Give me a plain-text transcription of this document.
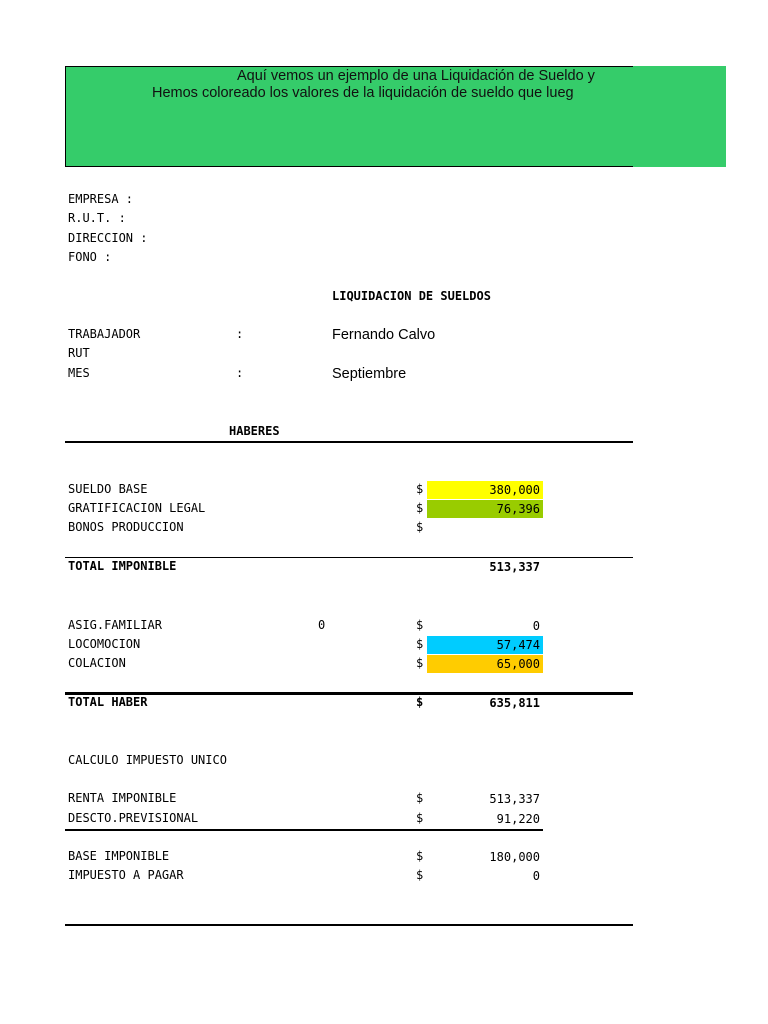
Aquí vemos un ejemplo de una Liquidación de Sueldo y
Hemos coloreado los valores de la liquidación de sueldo que lueg
EMPRESA :
R.U.T. :
DIRECCION :
FONO :
LIQUIDACION DE SUELDOS
TRABAJADOR	:	Fernando Calvo
RUT
MES	:	Septiembre
HABERES
SUELDO BASE	$	380,000
GRATIFICACION LEGAL	$	76,396
BONOS PRODUCCION	$
TOTAL IMPONIBLE	513,337
ASIG.FAMILIAR	0	$	0
LOCOMOCION	$	57,474
COLACION	$	65,000
TOTAL HABER	$	635,811
CALCULO IMPUESTO UNICO
RENTA IMPONIBLE	$	513,337
DESCTO.PREVISIONAL	$	91,220
BASE IMPONIBLE	$	180,000
IMPUESTO A PAGAR	$	0
